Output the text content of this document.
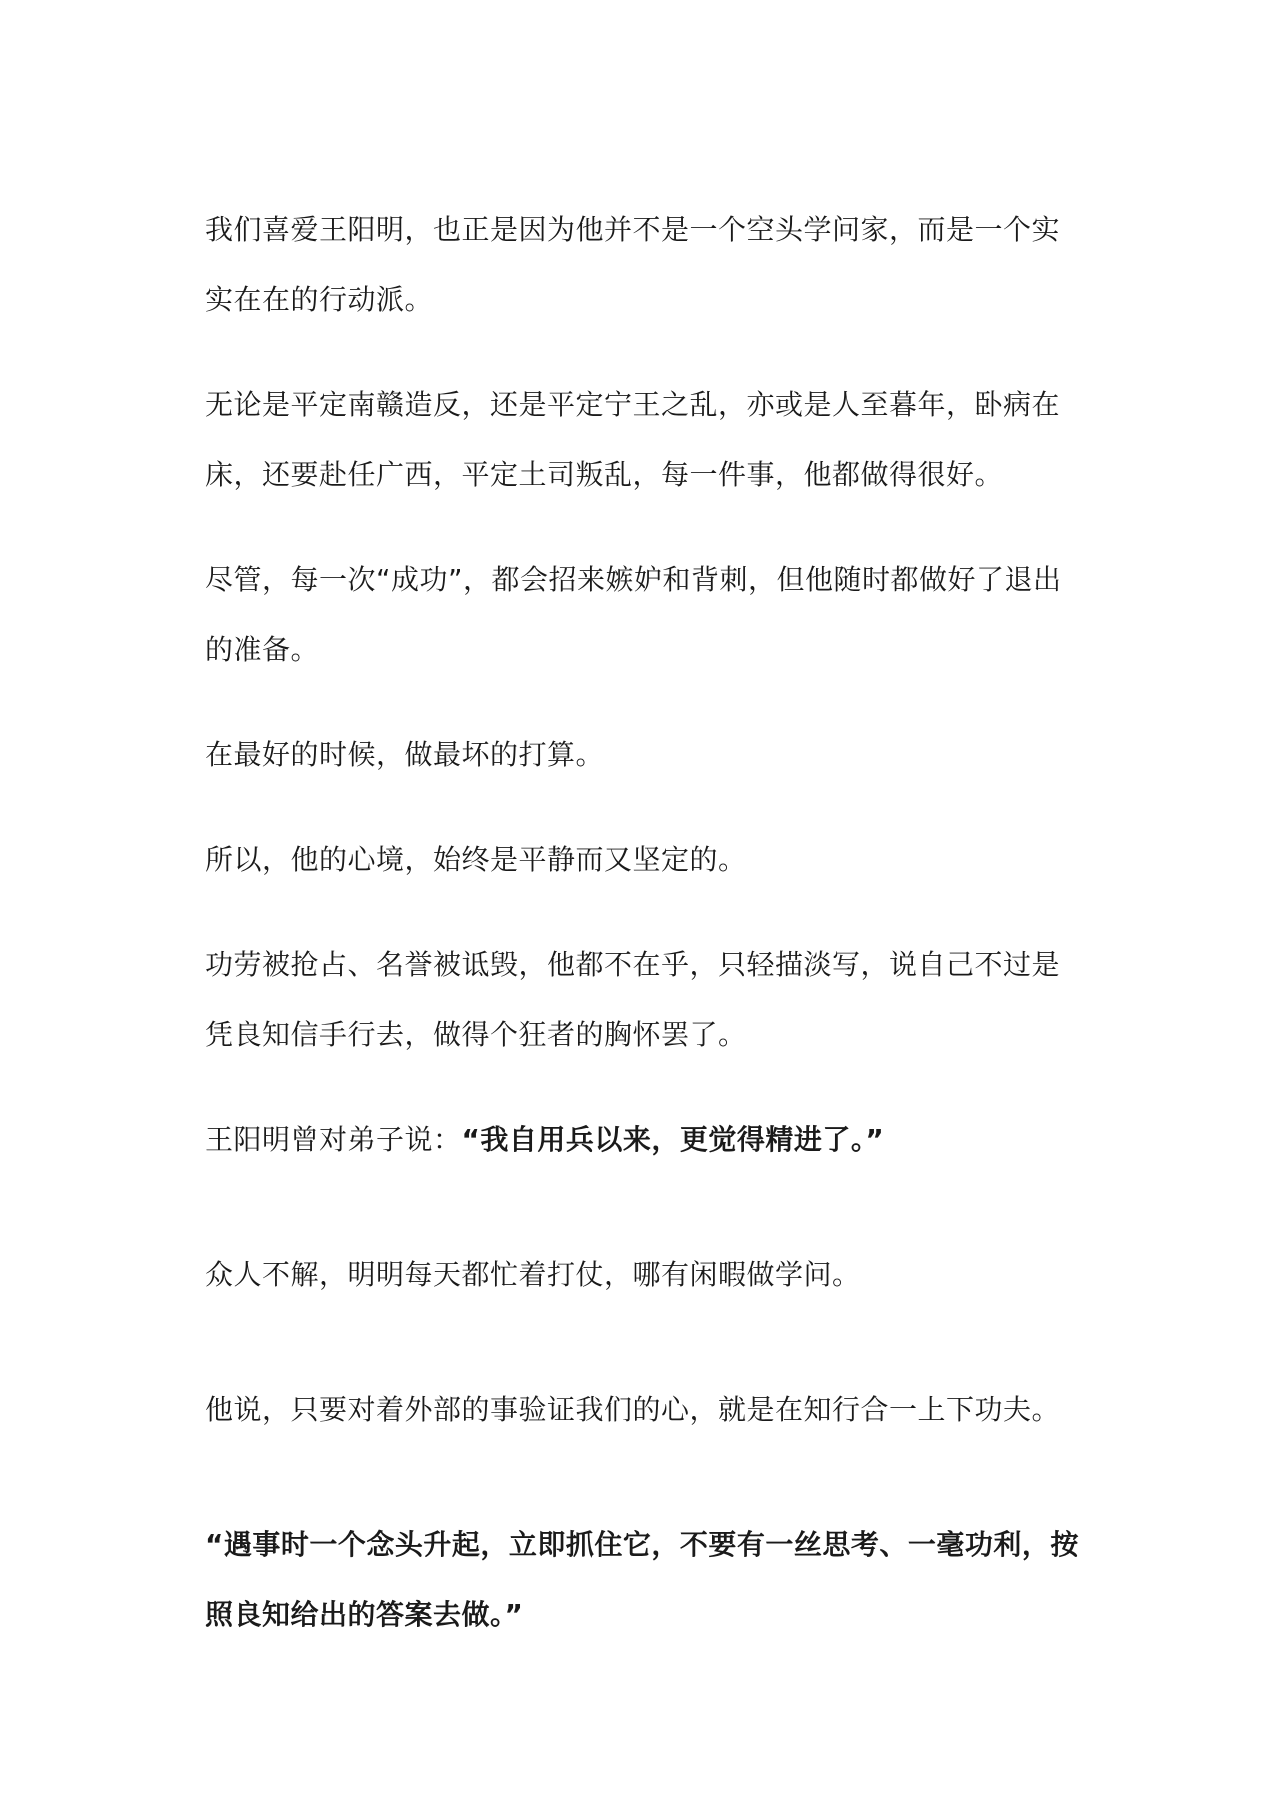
我们喜爱王阳明，也正是因为他并不是一个空头学问家，而是一个实实在在的行动派。

无论是平定南赣造反，还是平定宁王之乱，亦或是人至暮年，卧病在床，还要赴任广西，平定土司叛乱，每一件事，他都做得很好。

尽管，每一次“成功”，都会招来嫉妒和背刺，但他随时都做好了退出的准备。

在最好的时候，做最坏的打算。

所以，他的心境，始终是平静而又坚定的。

功劳被抢占、名誉被诋毁，他都不在乎，只轻描淡写，说自己不过是凭良知信手行去，做得个狂者的胸怀罢了。

王阳明曾对弟子说：“我自用兵以来，更觉得精进了。”

众人不解，明明每天都忙着打仗，哪有闲暇做学问。

他说，只要对着外部的事验证我们的心，就是在知行合一上下功夫。

“遇事时一个念头升起，立即抓住它，不要有一丝思考、一毫功利，按照良知给出的答案去做。”
